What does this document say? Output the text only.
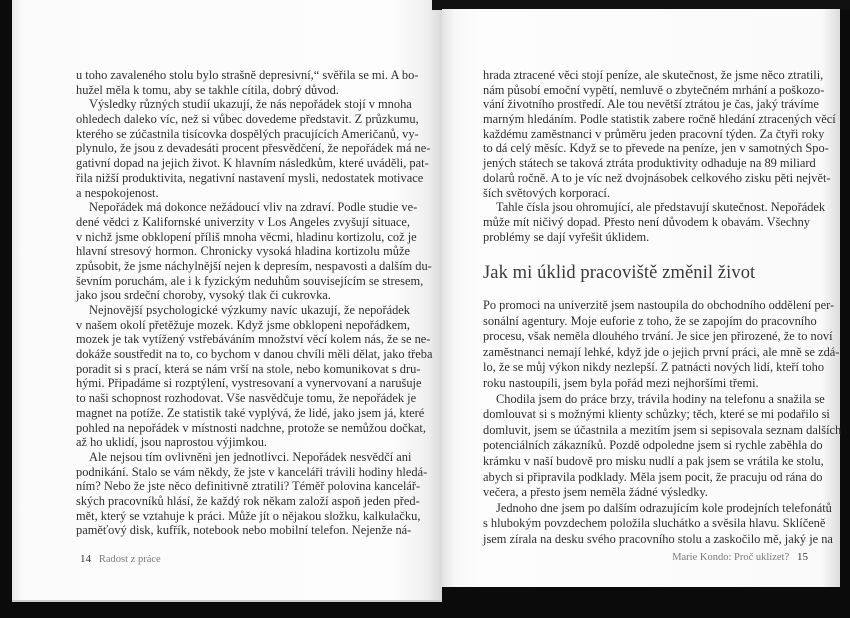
u toho zavaleného stolu bylo strašně depresivní,“ svěřila se mi. A bo-
hužel měla k tomu, aby se takhle cítila, dobrý důvod.
Výsledky různých studií ukazují, že nás nepořádek stojí v mnoha
ohledech daleko víc, než si vůbec dovedeme představit. Z průzkumu,
kterého se zúčastnila tisícovka dospělých pracujících Američanů, vy-
plynulo, že jsou z devadesáti procent přesvědčení, že nepořádek má ne-
gativní dopad na jejich život. K hlavním následkům, které uváděli, pat-
řila nižší produktivita, negativní nastavení mysli, nedostatek motivace
a nespokojenost.
Nepořádek má dokonce nežádoucí vliv na zdraví. Podle studie ve-
dené vědci z Kalifornské univerzity v Los Angeles zvyšují situace,
v nichž jsme obklopení příliš mnoha věcmi, hladinu kortizolu, což je
hlavní stresový hormon. Chronicky vysoká hladina kortizolu může
způsobit, že jsme náchylnější nejen k depresím, nespavosti a dalším du-
ševním poruchám, ale i k fyzickým neduhům souvisejícím se stresem,
jako jsou srdeční choroby, vysoký tlak či cukrovka.
Nejnovější psychologické výzkumy navíc ukazují, že nepořádek
v našem okolí přetěžuje mozek. Když jsme obklopeni nepořádkem,
mozek je tak vytížený vstřebáváním množství věcí kolem nás, že se ne-
dokáže soustředit na to, co bychom v danou chvíli měli dělat, jako třeba
poradit si s prací, která se nám vrší na stole, nebo komunikovat s dru-
hými. Připadáme si rozptýlení, vystresovaní a vynervovaní a narušuje
to naši schopnost rozhodovat. Vše nasvědčuje tomu, že nepořádek je
magnet na potíže. Ze statistik také vyplývá, že lidé, jako jsem já, které
pohled na nepořádek v místnosti nadchne, protože se nemůžou dočkat,
až ho uklidí, jsou naprostou výjimkou.
Ale nejsou tím ovlivněni jen jednotlivci. Nepořádek nesvědčí ani
podnikání. Stalo se vám někdy, že jste v kanceláři trávili hodiny hledá-
ním? Nebo že jste něco definitivně ztratili? Téměř polovina kancelář-
ských pracovníků hlásí, že každý rok někam založí aspoň jeden před-
mět, který se vztahuje k práci. Může jít o nějakou složku, kalkulačku,
paměťový disk, kufřík, notebook nebo mobilní telefon. Nejenže ná-
14 Radost z práce
hrada ztracené věci stojí peníze, ale skutečnost, že jsme něco ztratili,
nám působí emoční vypětí, nemluvě o zbytečném mrhání a poškozo-
vání životního prostředí. Ale tou nevětší ztrátou je čas, jaký trávíme
marným hledáním. Podle statistik zabere ročně hledání ztracených věcí
každému zaměstnanci v průměru jeden pracovní týden. Za čtyři roky
to dá celý měsíc. Když se to převede na peníze, jen v samotných Spo-
jených státech se taková ztráta produktivity odhaduje na 89 miliard
dolarů ročně. A to je víc než dvojnásobek celkového zisku pěti největ-
ších světových korporací.
Tahle čísla jsou ohromující, ale představují skutečnost. Nepořádek
může mít ničivý dopad. Přesto není důvodem k obavám. Všechny
problémy se dají vyřešit úklidem.
Jak mi úklid pracoviště změnil život
Po promoci na univerzitě jsem nastoupila do obchodního oddělení per-
sonální agentury. Moje euforie z toho, že se zapojím do pracovního
procesu, však neměla dlouhého trvání. Je sice jen přirozené, že to noví
zaměstnanci nemají lehké, když jde o jejich první práci, ale mně se zdá-
lo, že se můj výkon nikdy nezlepší. Z patnácti nových lidí, kteří toho
roku nastoupili, jsem byla pořád mezi nejhoršími třemi.
Chodila jsem do práce brzy, trávila hodiny na telefonu a snažila se
domlouvat si s možnými klienty schůzky; těch, které se mi podařilo si
domluvit, jsem se účastnila a mezitím jsem si sepisovala seznam dalších
potenciálních zákazníků. Pozdě odpoledne jsem si rychle zaběhla do
krámku v naší budově pro misku nudlí a pak jsem se vrátila ke stolu,
abych si připravila podklady. Měla jsem pocit, že pracuju od rána do
večera, a přesto jsem neměla žádné výsledky.
Jednoho dne jsem po dalším odrazujícím kole prodejních telefonátů
s hlubokým povzdechem položila sluchátko a svěsila hlavu. Sklíčeně
jsem zírala na desku svého pracovního stolu a zaskočilo mě, jaký je na
Marie Kondo: Proč uklízet? 15
